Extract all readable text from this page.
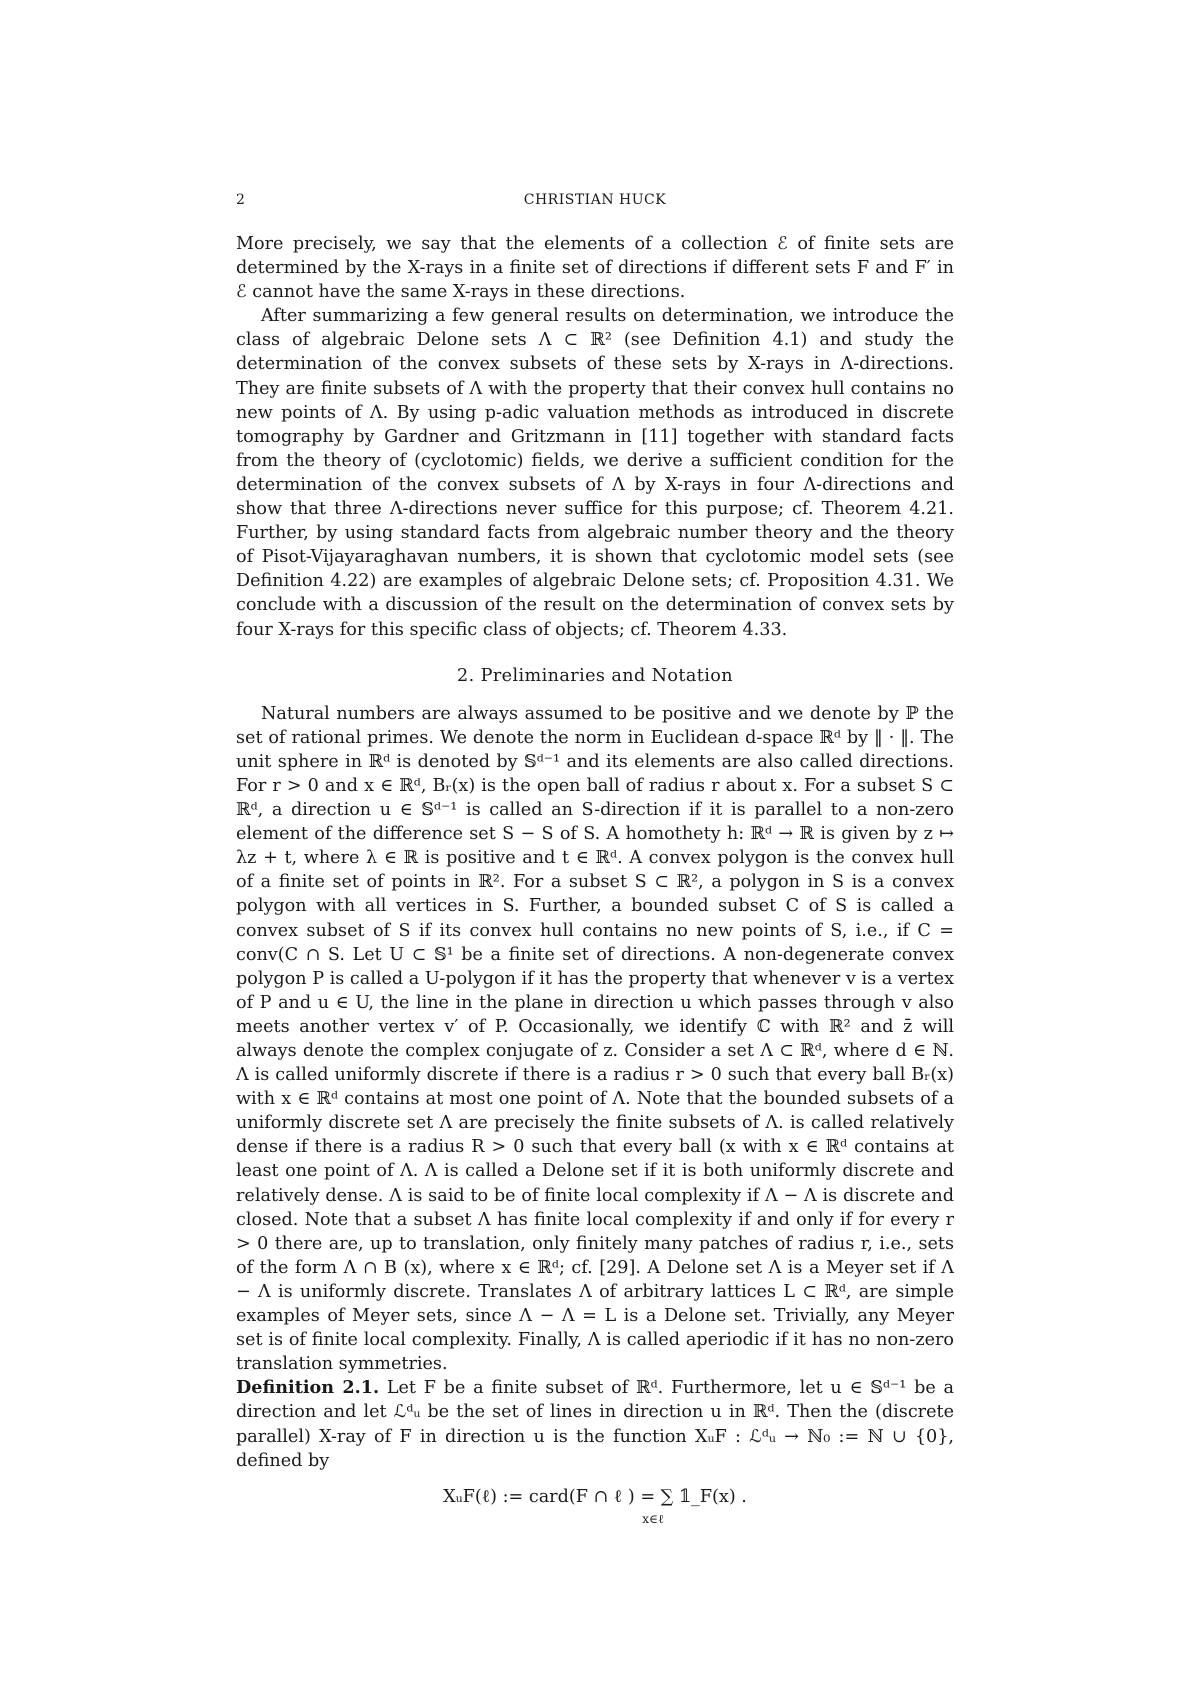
2	CHRISTIAN HUCK

More precisely, we say that the elements of a collection ℰ of finite sets are determined by the X-rays in a finite set of directions if different sets F and F′ in ℰ cannot have the same X-rays in these directions.

After summarizing a few general results on determination, we introduce the class of algebraic Delone sets Λ ⊂ ℝ² (see Definition 4.1) and study the determination of the convex subsets of these sets by X-rays in Λ-directions. They are finite subsets of Λ with the property that their convex hull contains no new points of Λ. By using p-adic valuation methods as introduced in discrete tomography by Gardner and Gritzmann in [11] together with standard facts from the theory of (cyclotomic) fields, we derive a sufficient condition for the determination of the convex subsets of Λ by X-rays in four Λ-directions and show that three Λ-directions never suffice for this purpose; cf. Theorem 4.21. Further, by using standard facts from algebraic number theory and the theory of Pisot-Vijayaraghavan numbers, it is shown that cyclotomic model sets (see Definition 4.22) are examples of algebraic Delone sets; cf. Proposition 4.31. We conclude with a discussion of the result on the determination of convex sets by four X-rays for this specific class of objects; cf. Theorem 4.33.

2. Preliminaries and Notation

Natural numbers are always assumed to be positive and we denote by ℙ the set of rational primes. We denote the norm in Euclidean d-space ℝᵈ by ‖ · ‖. The unit sphere in ℝᵈ is denoted by 𝕊ᵈ⁻¹ and its elements are also called directions. For r > 0 and x ∈ ℝᵈ, Bᵣ(x) is the open ball of radius r about x. For a subset S ⊂ ℝᵈ, a direction u ∈ 𝕊ᵈ⁻¹ is called an S-direction if it is parallel to a non-zero element of the difference set S − S of S. A homothety h: ℝᵈ → ℝ is given by z ↦ λz + t, where λ ∈ ℝ is positive and t ∈ ℝᵈ. A convex polygon is the convex hull of a finite set of points in ℝ². For a subset S ⊂ ℝ², a polygon in S is a convex polygon with all vertices in S. Further, a bounded subset C of S is called a convex subset of S if its convex hull contains no new points of S, i.e., if C = conv(C ∩ S. Let U ⊂ 𝕊¹ be a finite set of directions. A non-degenerate convex polygon P is called a U-polygon if it has the property that whenever v is a vertex of P and u ∈ U, the line in the plane in direction u which passes through v also meets another vertex v′ of P. Occasionally, we identify ℂ with ℝ² and z̄ will always denote the complex conjugate of z. Consider a set Λ ⊂ ℝᵈ, where d ∈ ℕ. Λ is called uniformly discrete if there is a radius r > 0 such that every ball Bᵣ(x) with x ∈ ℝᵈ contains at most one point of Λ. Note that the bounded subsets of a uniformly discrete set Λ are precisely the finite subsets of Λ. is called relatively dense if there is a radius R > 0 such that every ball (x with x ∈ ℝᵈ contains at least one point of Λ. Λ is called a Delone set if it is both uniformly discrete and relatively dense. Λ is said to be of finite local complexity if Λ − Λ is discrete and closed. Note that a subset Λ has finite local complexity if and only if for every r > 0 there are, up to translation, only finitely many patches of radius r, i.e., sets of the form Λ ∩ B (x), where x ∈ ℝᵈ; cf. [29]. A Delone set Λ is a Meyer set if Λ − Λ is uniformly discrete. Translates Λ of arbitrary lattices L ⊂ ℝᵈ, are simple examples of Meyer sets, since Λ − Λ = L is a Delone set. Trivially, any Meyer set is of finite local complexity. Finally, Λ is called aperiodic if it has no non-zero translation symmetries.

Definition 2.1. Let F be a finite subset of ℝᵈ. Furthermore, let u ∈ 𝕊ᵈ⁻¹ be a direction and let ℒᵈᵤ be the set of lines in direction u in ℝᵈ. Then the (discrete parallel) X-ray of F in direction u is the function XᵤF : ℒᵈᵤ → ℕ₀ := ℕ ∪ {0}, defined by

XᵤF(ℓ) := card(F ∩ ℓ ) = ∑ 𝟙_F(x) .
x∈ℓ
